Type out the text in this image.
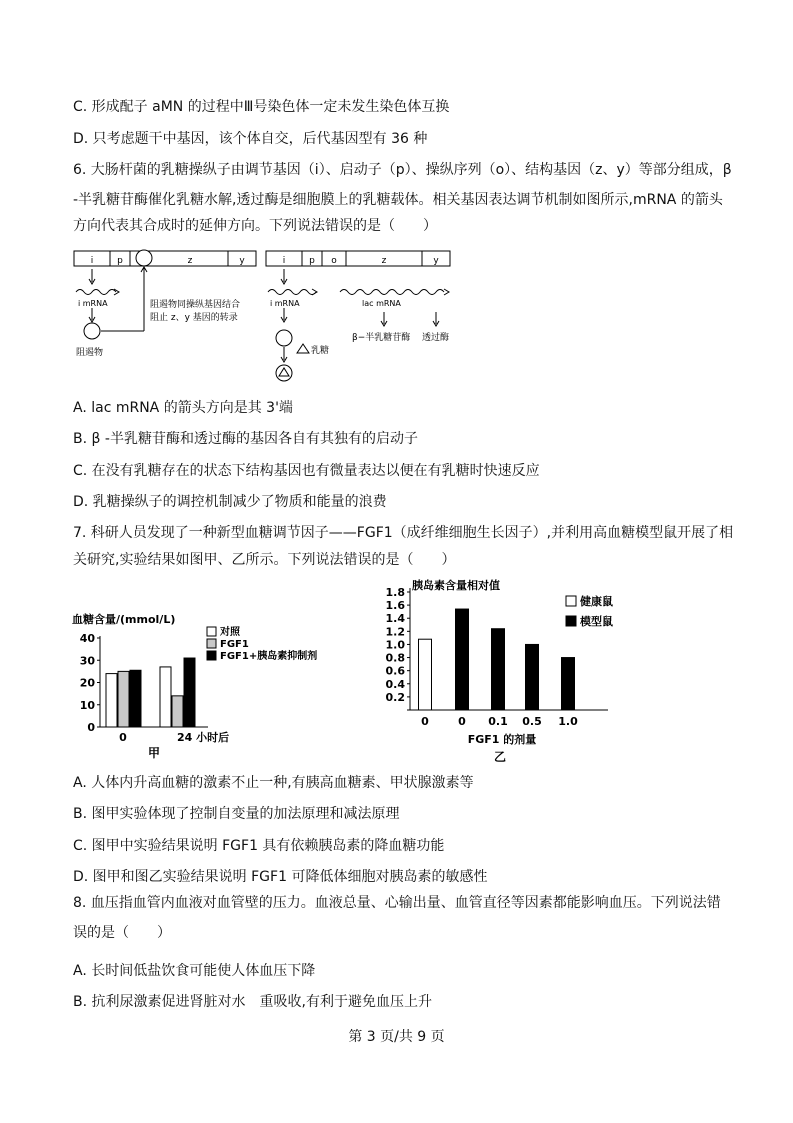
C. 形成配子 aMN 的过程中Ⅲ号染色体一定未发生染色体互换
D. 只考虑题干中基因，该个体自交，后代基因型有 36 种
6. 大肠杆菌的乳糖操纵子由调节基因（i）、启动子（p）、操纵序列（o）、结构基因（z、y）等部分组成，β
-半乳糖苷酶催化乳糖水解,透过酶是细胞膜上的乳糖载体。相关基因表达调节机制如图所示,mRNA 的箭头
方向代表其合成时的延伸方向。下列说法错误的是（　　）
i	p	z	y	i	p o	z	y
i mRNA
阻遏物
阻遏物同操纵基因结合
阻止 z、y 基因的转录
i mRNA	lac mRNA
乳糖
β−半乳糖苷酶 透过酶
A. lac mRNA 的箭头方向是其 3'端
B. β -半乳糖苷酶和透过酶的基因各自有其独有的启动子
C. 在没有乳糖存在的状态下结构基因也有微量表达以便在有乳糖时快速反应
D. 乳糖操纵子的调控机制减少了物质和能量的浪费
7. 科研人员发现了一种新型血糖调节因子——FGF1（成纤维细胞生长因子）,并利用高血糖模型鼠开展了相
关研究,实验结果如图甲、乙所示。下列说法错误的是（　　）
血糖含量/(mmol/L)
0
10
20
30
40
0	24 小时后
对照
FGF1
FGF1+胰岛素抑制剂
甲
胰岛素含量相对值
0.2
0.4
0.6
0.8
1.0
1.2
1.4
1.6
1.8
0	0 0.1 0.5 1.0
健康鼠
模型鼠
FGF1 的剂量
乙
A. 人体内升高血糖的激素不止一种,有胰高血糖素、甲状腺激素等
B. 图甲实验体现了控制自变量的加法原理和减法原理
C. 图甲中实验结果说明 FGF1 具有依赖胰岛素的降血糖功能
D. 图甲和图乙实验结果说明 FGF1 可降低体细胞对胰岛素的敏感性
8. 血压指血管内血液对血管壁的压力。血液总量、心输出量、血管直径等因素都能影响血压。下列说法错
误的是（　　）
A. 长时间低盐饮食可能使人体血压下降
B. 抗利尿激素促进肾脏对水　重吸收,有利于避免血压上升
第 3 页/共 9 页
